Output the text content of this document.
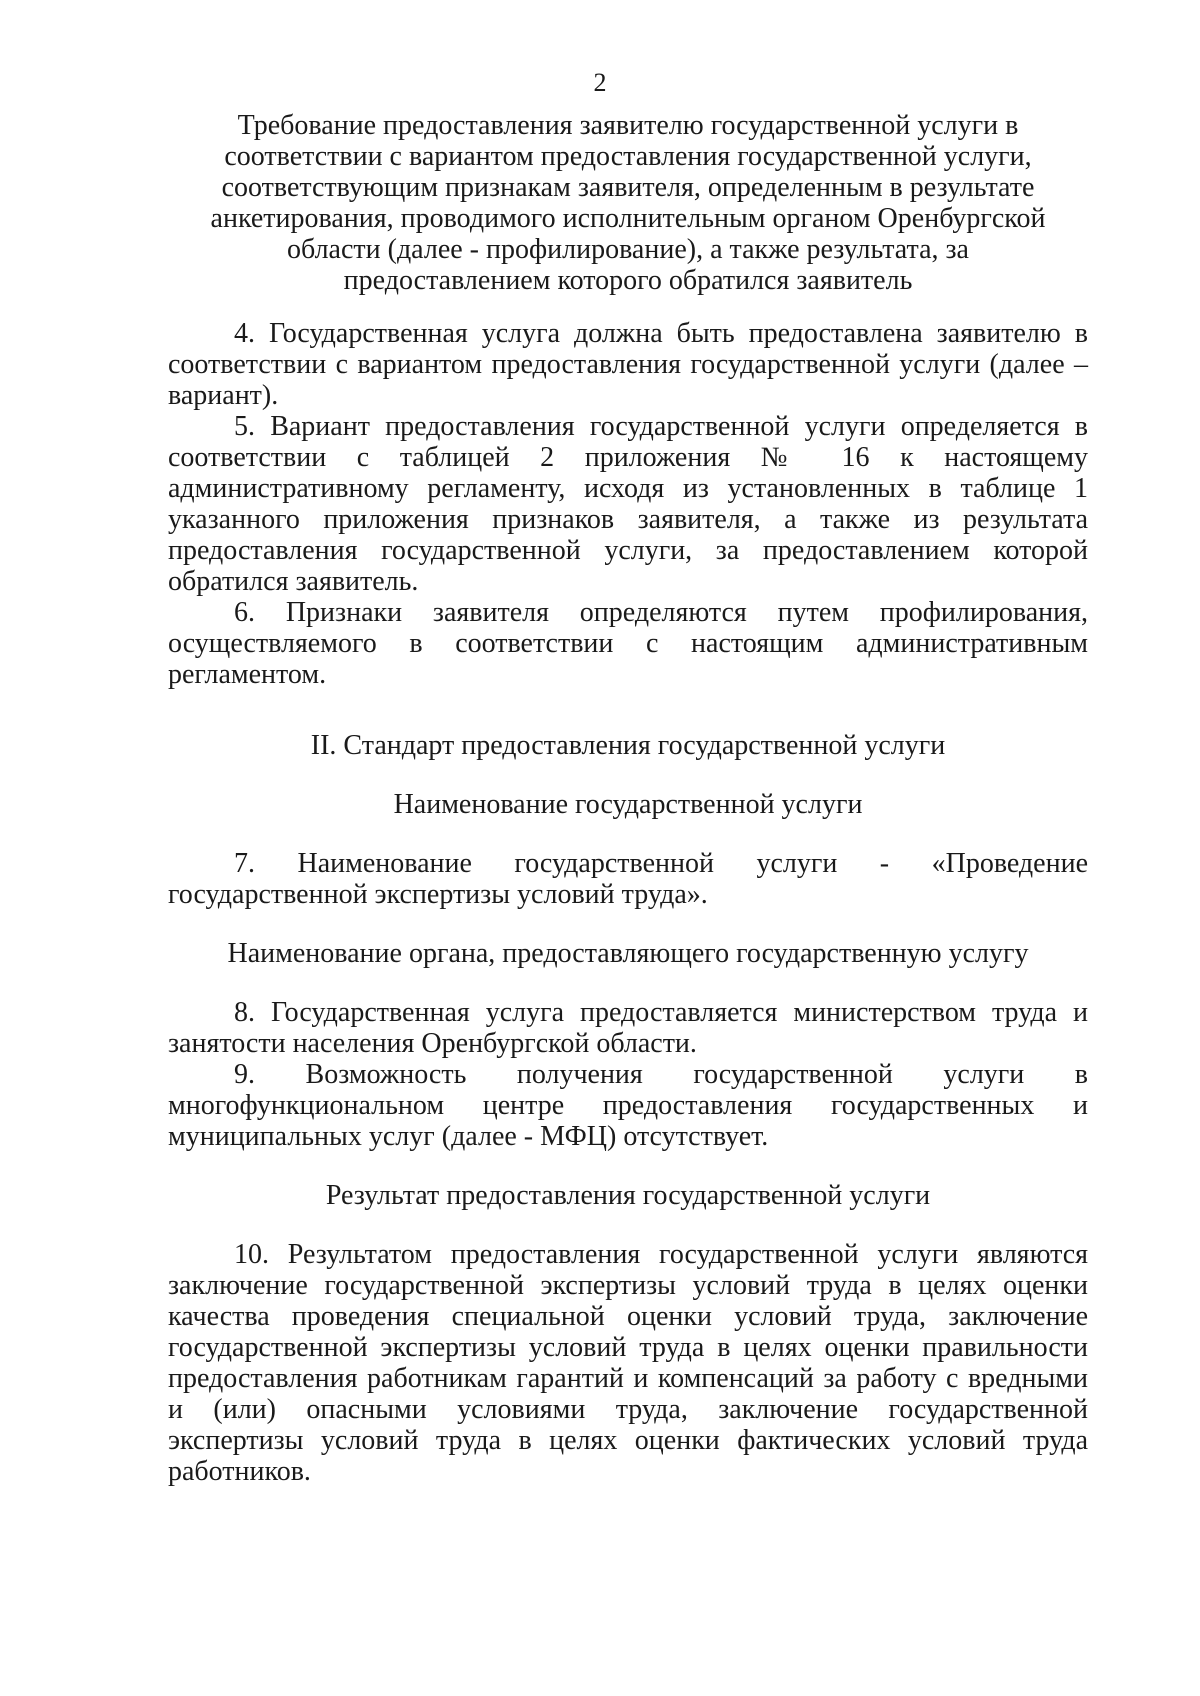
2

Требование предоставления заявителю государственной услуги в соответствии с вариантом предоставления государственной услуги, соответствующим признакам заявителя, определенным в результате анкетирования, проводимого исполнительным органом Оренбургской области (далее - профилирование), а также результата, за предоставлением которого обратился заявитель

4. Государственная услуга должна быть предоставлена заявителю в соответствии с вариантом предоставления государственной услуги (далее – вариант).

5. Вариант предоставления государственной услуги определяется в соответствии с таблицей 2 приложения № 16 к настоящему административному регламенту, исходя из установленных в таблице 1 указанного приложения признаков заявителя, а также из результата предоставления государственной услуги, за предоставлением которой обратился заявитель.

6. Признаки заявителя определяются путем профилирования, осуществляемого в соответствии с настоящим административным регламентом.

II. Стандарт предоставления государственной услуги

Наименование государственной услуги

7. Наименование государственной услуги - «Проведение государственной экспертизы условий труда».

Наименование органа, предоставляющего государственную услугу

8. Государственная услуга предоставляется министерством труда и занятости населения Оренбургской области.

9. Возможность получения государственной услуги в многофункциональном центре предоставления государственных и муниципальных услуг (далее - МФЦ) отсутствует.

Результат предоставления государственной услуги

10. Результатом предоставления государственной услуги являются заключение государственной экспертизы условий труда в целях оценки качества проведения специальной оценки условий труда, заключение государственной экспертизы условий труда в целях оценки правильности предоставления работникам гарантий и компенсаций за работу с вредными и (или) опасными условиями труда, заключение государственной экспертизы условий труда в целях оценки фактических условий труда работников.
